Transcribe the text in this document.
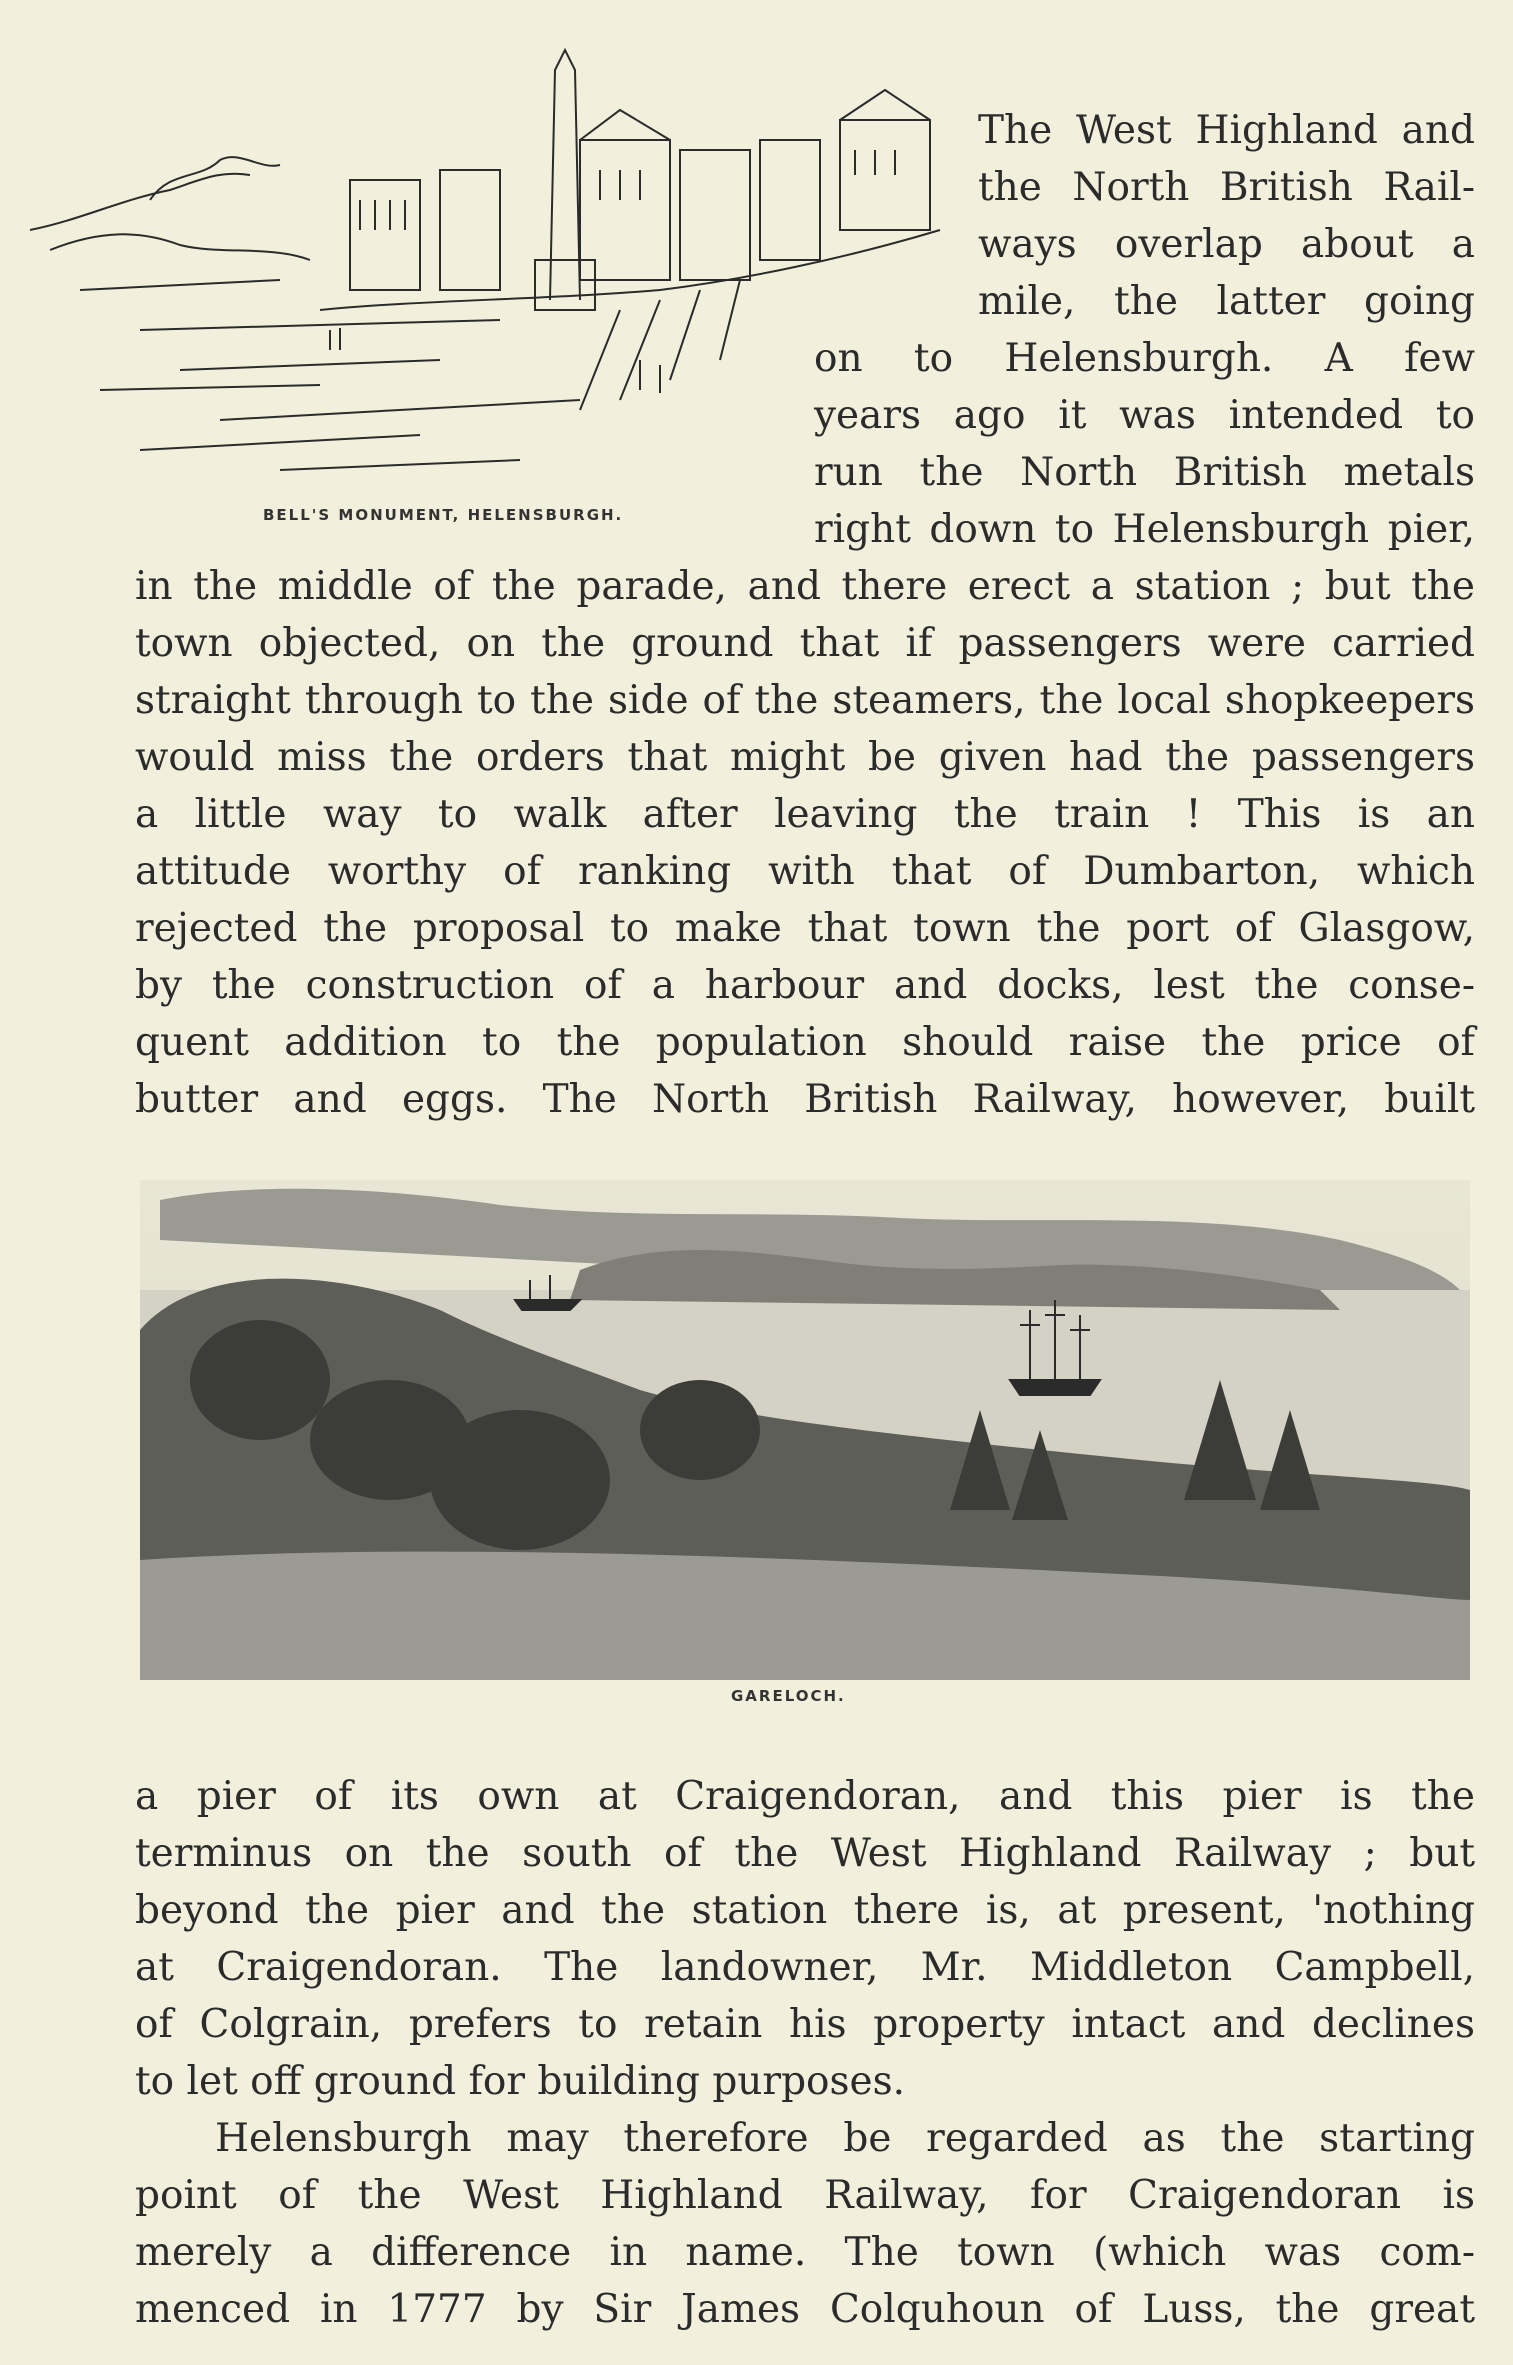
BELL'S MONUMENT, HELENSBURGH.
The West Highland and
the North British Rail-
ways overlap about a
mile, the latter going
on to Helensburgh. A few
years ago it was intended to
run the North British metals
right down to Helensburgh pier,
in the middle of the parade, and there erect a station ; but the
town objected, on the ground that if passengers were carried
straight through to the side of the steamers, the local shopkeepers
would miss the orders that might be given had the passengers
a little way to walk after leaving the train ! This is an
attitude worthy of ranking with that of Dumbarton, which
rejected the proposal to make that town the port of Glasgow,
by the construction of a harbour and docks, lest the conse-
quent addition to the population should raise the price of
butter and eggs. The North British Railway, however, built
GARELOCH.
a pier of its own at Craigendoran, and this pier is the
terminus on the south of the West Highland Railway ; but
beyond the pier and the station there is, at present, 'nothing
at Craigendoran. The landowner, Mr. Middleton Campbell,
of Colgrain, prefers to retain his property intact and declines
to let off ground for building purposes.
Helensburgh may therefore be regarded as the starting
point of the West Highland Railway, for Craigendoran is
merely a difference in name. The town (which was com-
menced in 1777 by Sir James Colquhoun of Luss, the great
